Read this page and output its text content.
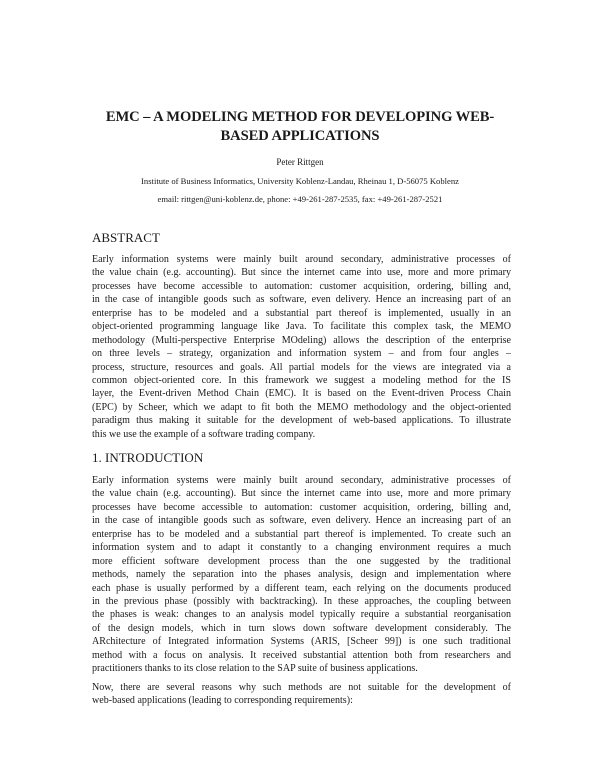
EMC – A MODELING METHOD FOR DEVELOPING WEB-
BASED APPLICATIONS
Peter Rittgen
Institute of Business Informatics, University Koblenz-Landau, Rheinau 1, D-56075 Koblenz
email: rittgen@uni-koblenz.de, phone: +49-261-287-2535, fax: +49-261-287-2521
ABSTRACT
Early information systems were mainly built around secondary, administrative processes of
the value chain (e.g. accounting). But since the internet came into use, more and more primary
processes have become accessible to automation: customer acquisition, ordering, billing and,
in the case of intangible goods such as software, even delivery. Hence an increasing part of an
enterprise has to be modeled and a substantial part thereof is implemented, usually in an
object-oriented programming language like Java. To facilitate this complex task, the MEMO
methodology (Multi-perspective Enterprise MOdeling) allows the description of the enterprise
on three levels – strategy, organization and information system – and from four angles –
process, structure, resources and goals. All partial models for the views are integrated via a
common object-oriented core. In this framework we suggest a modeling method for the IS
layer, the Event-driven Method Chain (EMC). It is based on the Event-driven Process Chain
(EPC) by Scheer, which we adapt to fit both the MEMO methodology and the object-oriented
paradigm thus making it suitable for the development of web-based applications. To illustrate
this we use the example of a software trading company.
1. INTRODUCTION
Early information systems were mainly built around secondary, administrative processes of
the value chain (e.g. accounting). But since the internet came into use, more and more primary
processes have become accessible to automation: customer acquisition, ordering, billing and,
in the case of intangible goods such as software, even delivery. Hence an increasing part of an
enterprise has to be modeled and a substantial part thereof is implemented. To create such an
information system and to adapt it constantly to a changing environment requires a much
more efficient software development process than the one suggested by the traditional
methods, namely the separation into the phases analysis, design and implementation where
each phase is usually performed by a different team, each relying on the documents produced
in the previous phase (possibly with backtracking). In these approaches, the coupling between
the phases is weak: changes to an analysis model typically require a substantial reorganisation
of the design models, which in turn slows down software development considerably. The
ARchitecture of Integrated information Systems (ARIS, [Scheer 99]) is one such traditional
method with a focus on analysis. It received substantial attention both from researchers and
practitioners thanks to its close relation to the SAP suite of business applications.
Now, there are several reasons why such methods are not suitable for the development of
web-based applications (leading to corresponding requirements):
